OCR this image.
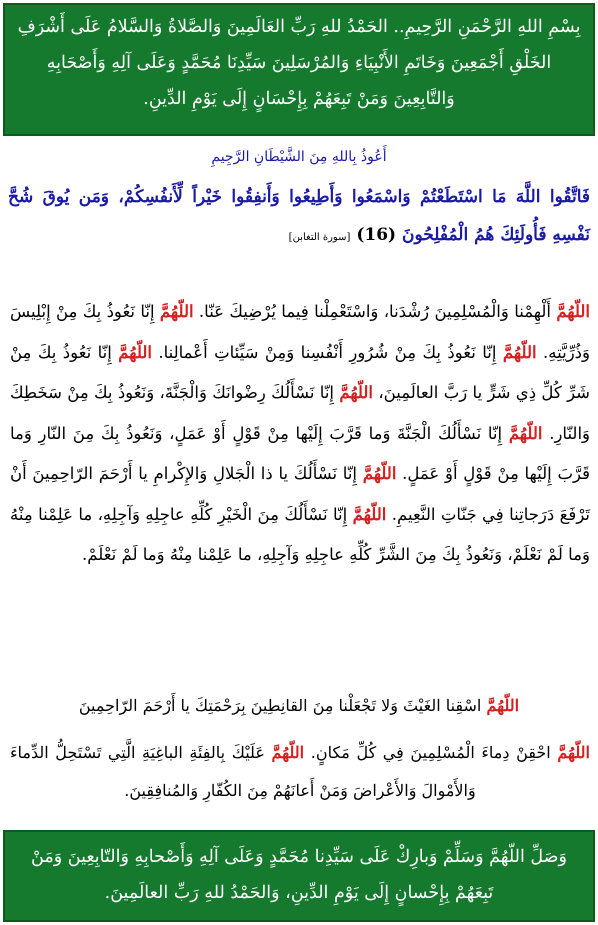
بِسْمِ اللهِ الرَّحْمَنِ الرَّحِيمِ.. الحَمْدُ للهِ رَبِّ العَالَمِينَ وَالصَّلاةُ وَالسَّلامُ عَلَى أَشْرَفِ الخَلْقِ أَجْمَعِينَ وَخَاتَمِ الأَنْبِيَاءِ وَالمُرْسَلِينَ سَيِّدِنَا مُحَمَّدٍ وَعَلَى آلِهِ وَأَصْحَابِهِ وَالتَّابِعِينَ وَمَنْ تَبِعَهُمْ بِإِحْسَانٍ إِلَى يَوْمِ الدِّينِ.
أَعُوذُ بِاللهِ مِنَ الشَّيْطَانِ الرَّجِيمِ
فَاتَّقُوا اللَّهَ مَا اسْتَطَعْتُمْ وَاسْمَعُوا وَأَطِيعُوا وَأَنفِقُوا خَيْراً لِّأَنفُسِكُمْ، وَمَن يُوقَ شُحَّ نَفْسِهِ فَأُولَئِكَ هُمُ الْمُفْلِحُونَ (16) [سورة التغابن]
اللّهُمَّ أَلْهِمْنا وَالْمُسْلِمِينَ رُشْدَنا، وَاسْتَعْمِلْنا فِيما يُرْضِيكَ عَنّا. اللّهُمَّ إِنّا نَعُوذُ بِكَ مِنْ إِبْلِيسَ وَذُرِّيَّتِهِ. اللّهُمَّ إِنّا نَعُوذُ بِكَ مِنْ شُرُورِ أَنْفُسِنا وَمِنْ سَيِّئاتِ أَعْمالِنا. اللّهُمَّ إِنّا نَعُوذُ بِكَ مِنْ شَرِّ كُلِّ ذِي شَرٍّ يا رَبَّ العالَمِينَ، اللّهُمَّ إِنّا نَسْأَلُكَ رِضْوانَكَ وَالْجَنَّةَ، وَنَعُوذُ بِكَ مِنْ سَخَطِكَ وَالنّارِ. اللّهُمَّ إِنّا نَسْأَلُكَ الْجَنَّةَ وَما قَرَّبَ إِلَيْها مِنْ قَوْلٍ أَوْ عَمَلٍ، وَنَعُوذُ بِكَ مِنَ النّارِ وَما قَرَّبَ إِلَيْها مِنْ قَوْلٍ أَوْ عَمَلٍ. اللّهُمَّ إِنّا نَسْأَلُكَ يا ذا الْجَلالِ وَالإِكْرامِ يا أَرْحَمَ الرّاحِمِينَ أَنْ تَرْفَعَ دَرَجاتِنا فِي جَنّاتِ النَّعِيمِ. اللّهُمَّ إِنّا نَسْأَلُكَ مِنَ الْخَيْرِ كُلِّهِ عاجِلِهِ وَآجِلِهِ، ما عَلِمْنا مِنْهُ وَما لَمْ نَعْلَمْ، وَنَعُوذُ بِكَ مِنَ الشَّرِّ كُلِّهِ عاجِلِهِ وَآجِلِهِ، ما عَلِمْنا مِنْهُ وَما لَمْ نَعْلَمْ.
اللّهُمَّ اسْقِنا الغَيْثَ وَلا تَجْعَلْنا مِنَ القانِطِينَ بِرَحْمَتِكَ يا أَرْحَمَ الرّاحِمِينَ
اللّهُمَّ احْقِنْ دِماءَ الْمُسْلِمِينَ فِي كُلِّ مَكانٍ. اللّهُمَّ عَلَيْكَ بِالفِئَةِ الباغِيَةِ الَّتِي تَسْتَحِلُّ الدِّماءَ وَالأَمْوالَ وَالأَعْراضَ وَمَنْ أَعانَهُمْ مِنَ الكُفّارِ وَالمُنافِقِينَ.
وَصَلِّ اللّهُمَّ وَسَلِّمْ وَبارِكْ عَلَى سَيِّدِنا مُحَمَّدٍ وَعَلَى آلِهِ وَأَصْحابِهِ وَالتّابِعِينَ وَمَنْ تَبِعَهُمْ بِإِحْسانٍ إِلَى يَوْمِ الدِّينِ، وَالحَمْدُ للهِ رَبِّ العالَمِينَ.
